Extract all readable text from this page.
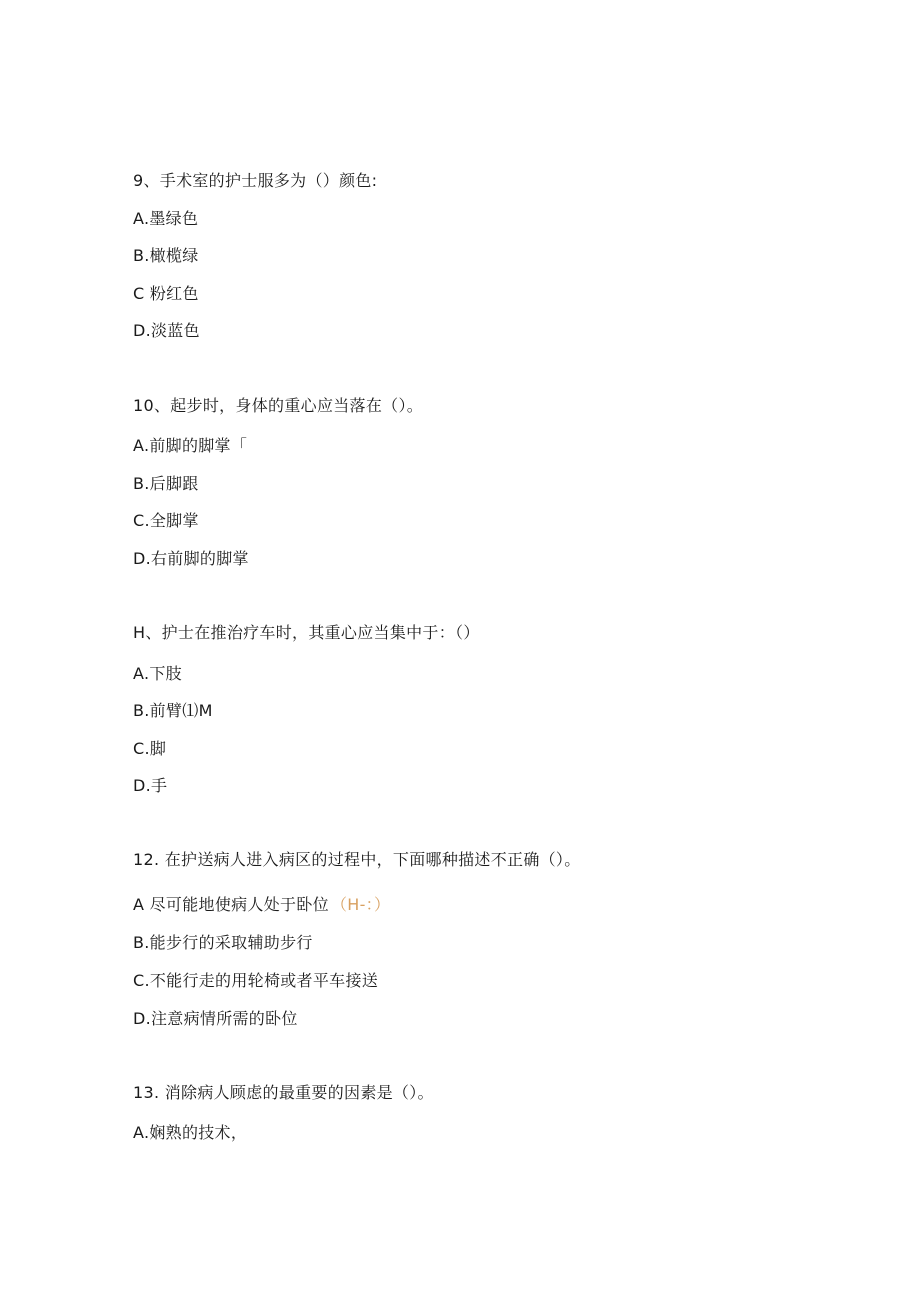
9、手术室的护士服多为（）颜色:
A.墨绿色
B.橄榄绿
C 粉红色
D.淡蓝色
10、起步时，身体的重心应当落在（）。
A.前脚的脚掌「
B.后脚跟
C.全脚掌
D.右前脚的脚掌
H、护士在推治疗车时，其重心应当集中于：（）
A.下肢
B.前臂⑴M
C.脚
D.手
12. 在护送病人进入病区的过程中，下面哪种描述不正确（）。
A 尽可能地使病人处于卧位 （H-：）
B.能步行的采取辅助步行
C.不能行走的用轮椅或者平车接送
D.注意病情所需的卧位
13. 消除病人顾虑的最重要的因素是（）。
A.娴熟的技术，
